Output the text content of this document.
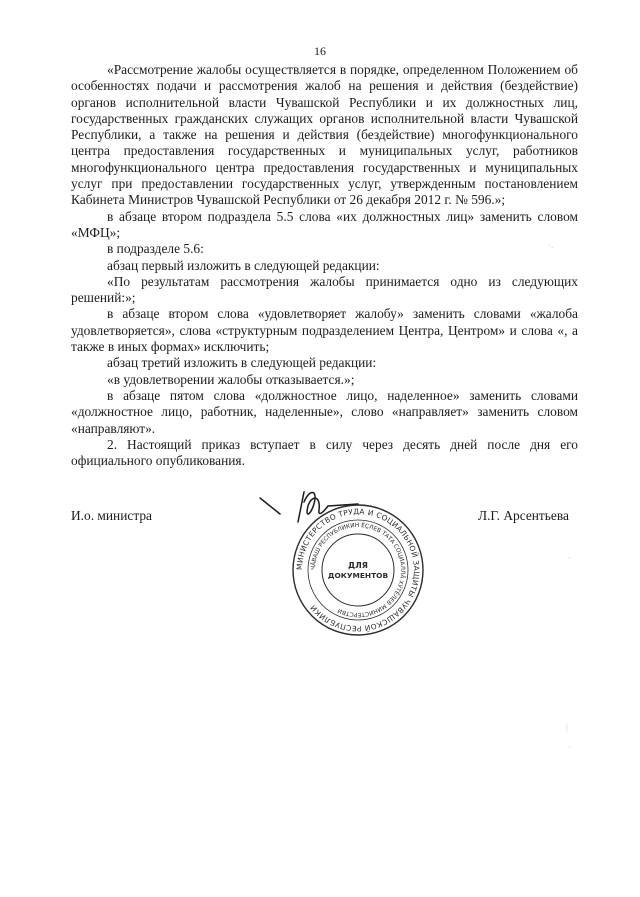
16

«Рассмотрение жалобы осуществляется в порядке, определенном Положением об особенностях подачи и рассмотрения жалоб на решения и действия (бездействие) органов исполнительной власти Чувашской Республики и их должностных лиц, государственных гражданских служащих органов исполнительной власти Чувашской Республики, а также на решения и действия (бездействие) многофункционального центра предоставления государственных и муниципальных услуг, работников многофункционального центра предоставления государственных и муниципальных услуг при предоставлении государственных услуг, утвержденным постановлением Кабинета Министров Чувашской Республики от 26 декабря 2012 г. № 596.»;

в абзаце втором подраздела 5.5 слова «их должностных лиц» заменить словом «МФЦ»;

в подразделе 5.6:

абзац первый изложить в следующей редакции:

«По результатам рассмотрения жалобы принимается одно из следующих решений:»;

в абзаце втором слова «удовлетворяет жалобу» заменить словами «жалоба удовлетворяется», слова «структурным подразделением Центра, Центром» и слова «, а также в иных формах» исключить;

абзац третий изложить в следующей редакции:

«в удовлетворении жалобы отказывается.»;

в абзаце пятом слова «должностное лицо, наделенное» заменить словами «должностное лицо, работник, наделенные», слово «направляет» заменить словом «направляют».

2. Настоящий приказ вступает в силу через десять дней после дня его официального опубликования.

И.о. министра	Л.Г. Арсентьева
МИНИСТЕРСТВО ТРУДА И СОЦИАЛЬНОЙ ЗАЩИТЫ ЧУВАШСКОЙ РЕСПУБЛИКИ
ЧĂВАШ РЕСПУБЛИКИН ĔÇЛЕВ ТАТА СОЦИАЛЛĂ ХӲТĔЛЕВ МИНИСТЕРСТВИ
ДЛЯ
ДОКУМЕНТОВ
·.
·
|
·
